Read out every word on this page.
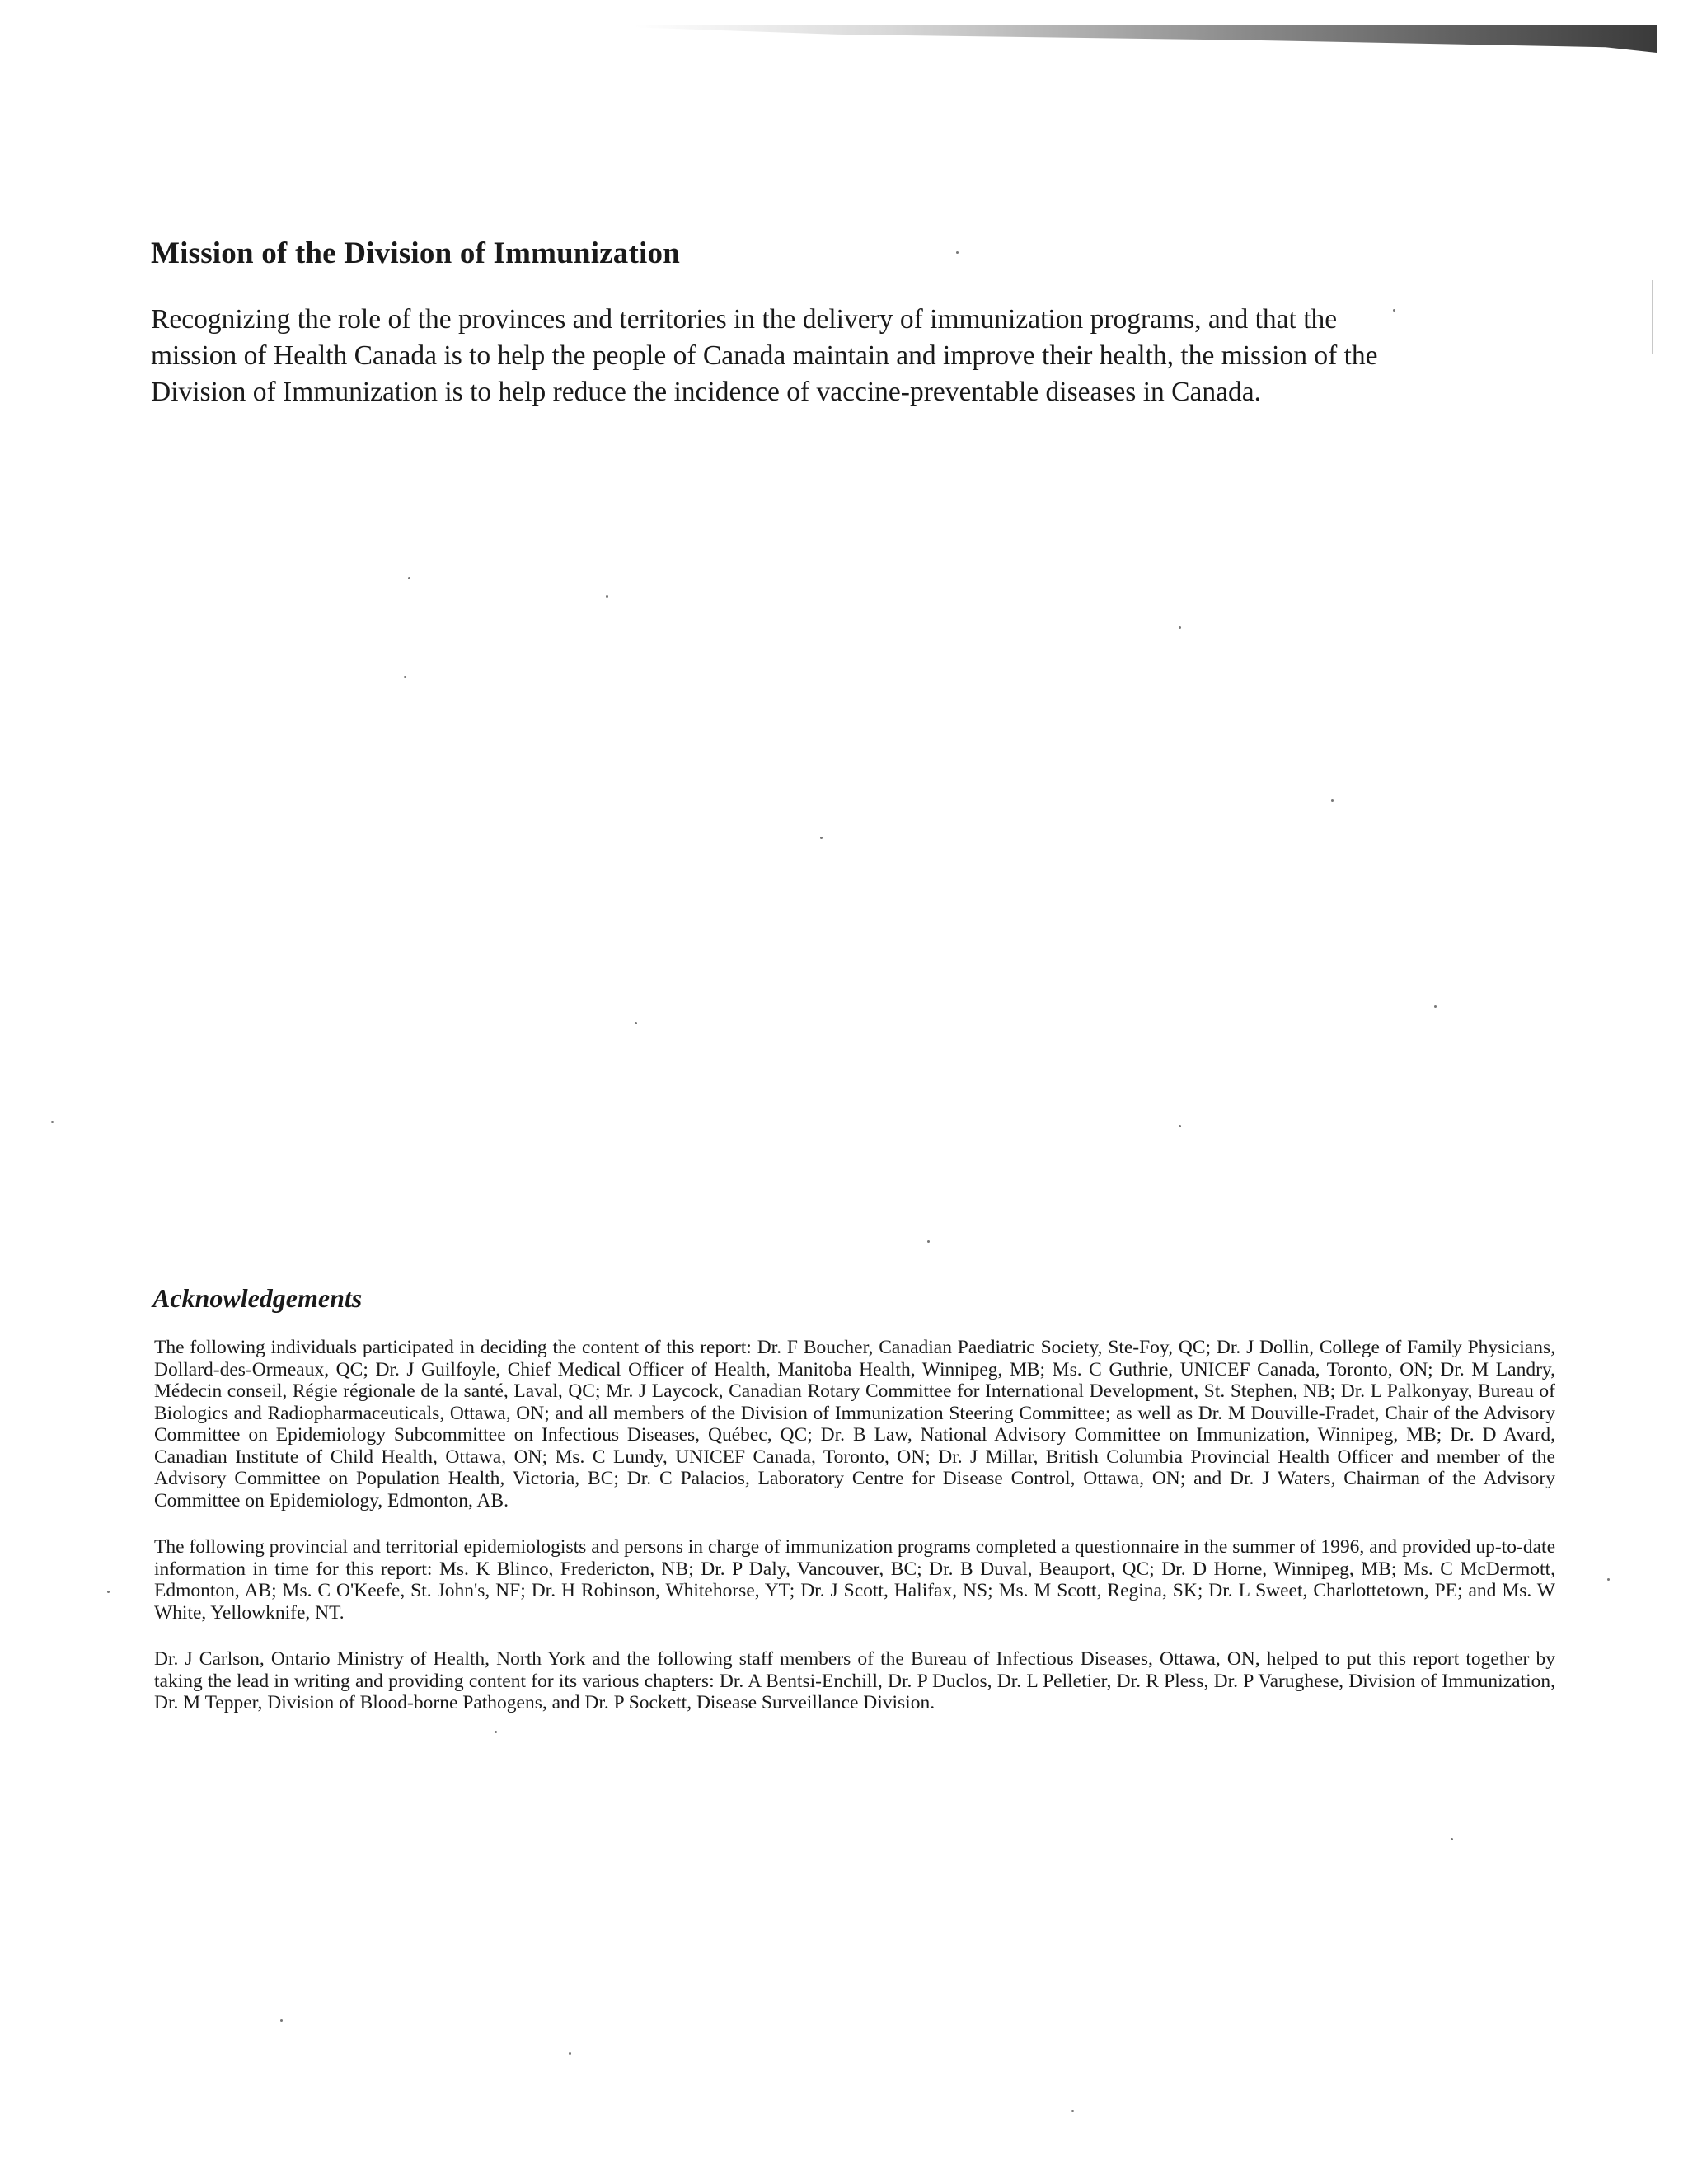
Mission of the Division of Immunization

Recognizing the role of the provinces and territories in the delivery of immunization programs, and that the mission of Health Canada is to help the people of Canada maintain and improve their health, the mission of the Division of Immunization is to help reduce the incidence of vaccine-preventable diseases in Canada.

Acknowledgements

The following individuals participated in deciding the content of this report: Dr. F Boucher, Canadian Paediatric Society, Ste-Foy, QC; Dr. J Dollin, College of Family Physicians, Dollard-des-Ormeaux, QC; Dr. J Guilfoyle, Chief Medical Officer of Health, Manitoba Health, Winnipeg, MB; Ms. C Guthrie, UNICEF Canada, Toronto, ON; Dr. M Landry, Médecin conseil, Régie régionale de la santé, Laval, QC; Mr. J Laycock, Canadian Rotary Committee for International Development, St. Stephen, NB; Dr. L Palkonyay, Bureau of Biologics and Radiopharmaceuticals, Ottawa, ON; and all members of the Division of Immunization Steering Committee; as well as Dr. M Douville-Fradet, Chair of the Advisory Committee on Epidemiology Subcommittee on Infectious Diseases, Québec, QC; Dr. B Law, National Advisory Committee on Immunization, Winnipeg, MB; Dr. D Avard, Canadian Institute of Child Health, Ottawa, ON; Ms. C Lundy, UNICEF Canada, Toronto, ON; Dr. J Millar, British Columbia Provincial Health Officer and member of the Advisory Committee on Population Health, Victoria, BC; Dr. C Palacios, Laboratory Centre for Disease Control, Ottawa, ON; and Dr. J Waters, Chairman of the Advisory Committee on Epidemiology, Edmonton, AB.

The following provincial and territorial epidemiologists and persons in charge of immunization programs completed a questionnaire in the summer of 1996, and provided up-to-date information in time for this report: Ms. K Blinco, Fredericton, NB; Dr. P Daly, Vancouver, BC; Dr. B Duval, Beauport, QC; Dr. D Horne, Winnipeg, MB; Ms. C McDermott, Edmonton, AB; Ms. C O'Keefe, St. John's, NF; Dr. H Robinson, Whitehorse, YT; Dr. J Scott, Halifax, NS; Ms. M Scott, Regina, SK; Dr. L Sweet, Charlottetown, PE; and Ms. W White, Yellowknife, NT.

Dr. J Carlson, Ontario Ministry of Health, North York and the following staff members of the Bureau of Infectious Diseases, Ottawa, ON, helped to put this report together by taking the lead in writing and providing content for its various chapters: Dr. A Bentsi-Enchill, Dr. P Duclos, Dr. L Pelletier, Dr. R Pless, Dr. P Varughese, Division of Immunization, Dr. M Tepper, Division of Blood-borne Pathogens, and Dr. P Sockett, Disease Surveillance Division.
